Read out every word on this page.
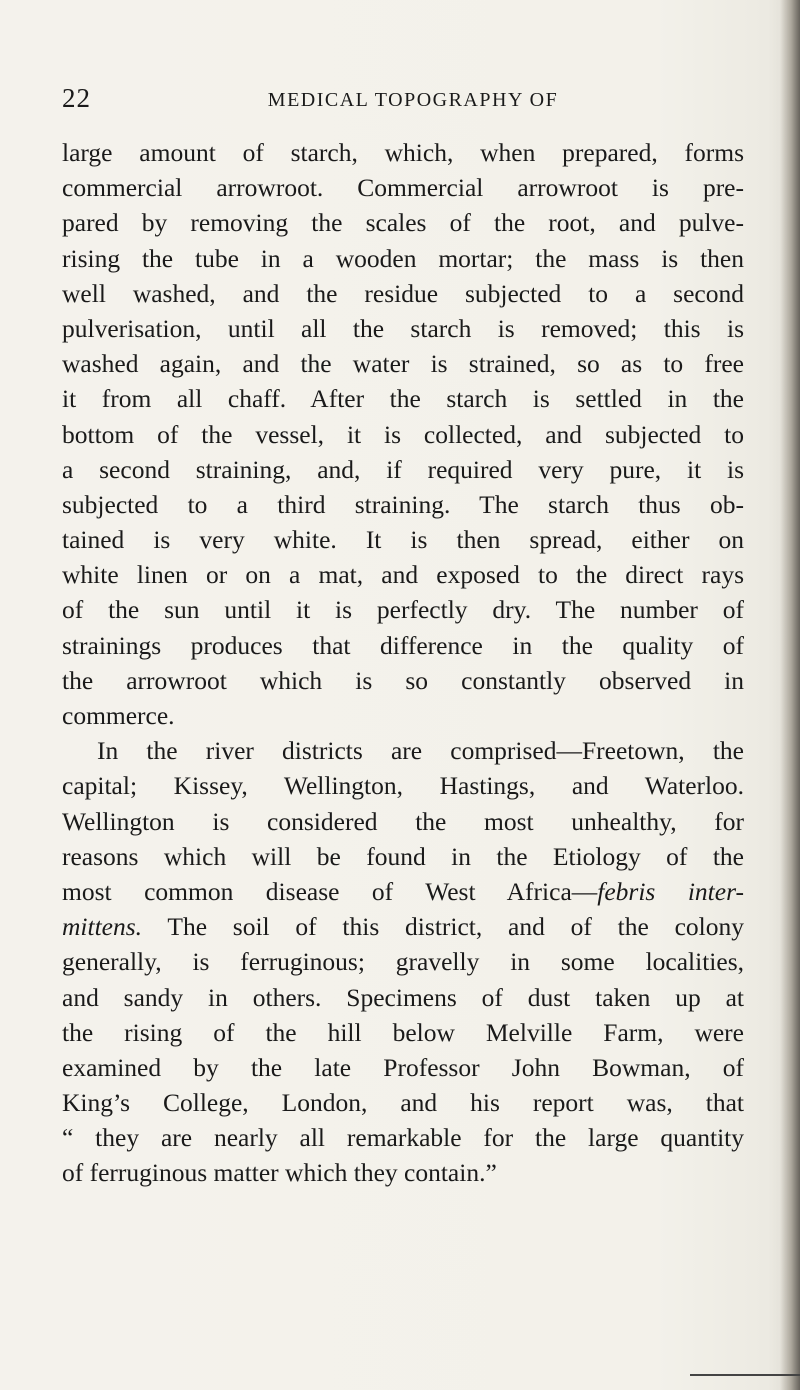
22	MEDICAL TOPOGRAPHY OF
large amount of starch, which, when prepared, forms
commercial arrowroot. Commercial arrowroot is pre-
pared by removing the scales of the root, and pulve-
rising the tube in a wooden mortar; the mass is then
well washed, and the residue subjected to a second
pulverisation, until all the starch is removed; this is
washed again, and the water is strained, so as to free
it from all chaff. After the starch is settled in the
bottom of the vessel, it is collected, and subjected to
a second straining, and, if required very pure, it is
subjected to a third straining. The starch thus ob-
tained is very white. It is then spread, either on
white linen or on a mat, and exposed to the direct rays
of the sun until it is perfectly dry. The number of
strainings produces that difference in the quality of
the arrowroot which is so constantly observed in
commerce.
In the river districts are comprised—Freetown, the
capital; Kissey, Wellington, Hastings, and Waterloo.
Wellington is considered the most unhealthy, for
reasons which will be found in the Etiology of the
most common disease of West Africa—febris inter-
mittens. The soil of this district, and of the colony
generally, is ferruginous; gravelly in some localities,
and sandy in others. Specimens of dust taken up at
the rising of the hill below Melville Farm, were
examined by the late Professor John Bowman, of
King’s College, London, and his report was, that
“ they are nearly all remarkable for the large quantity
of ferruginous matter which they contain.”
